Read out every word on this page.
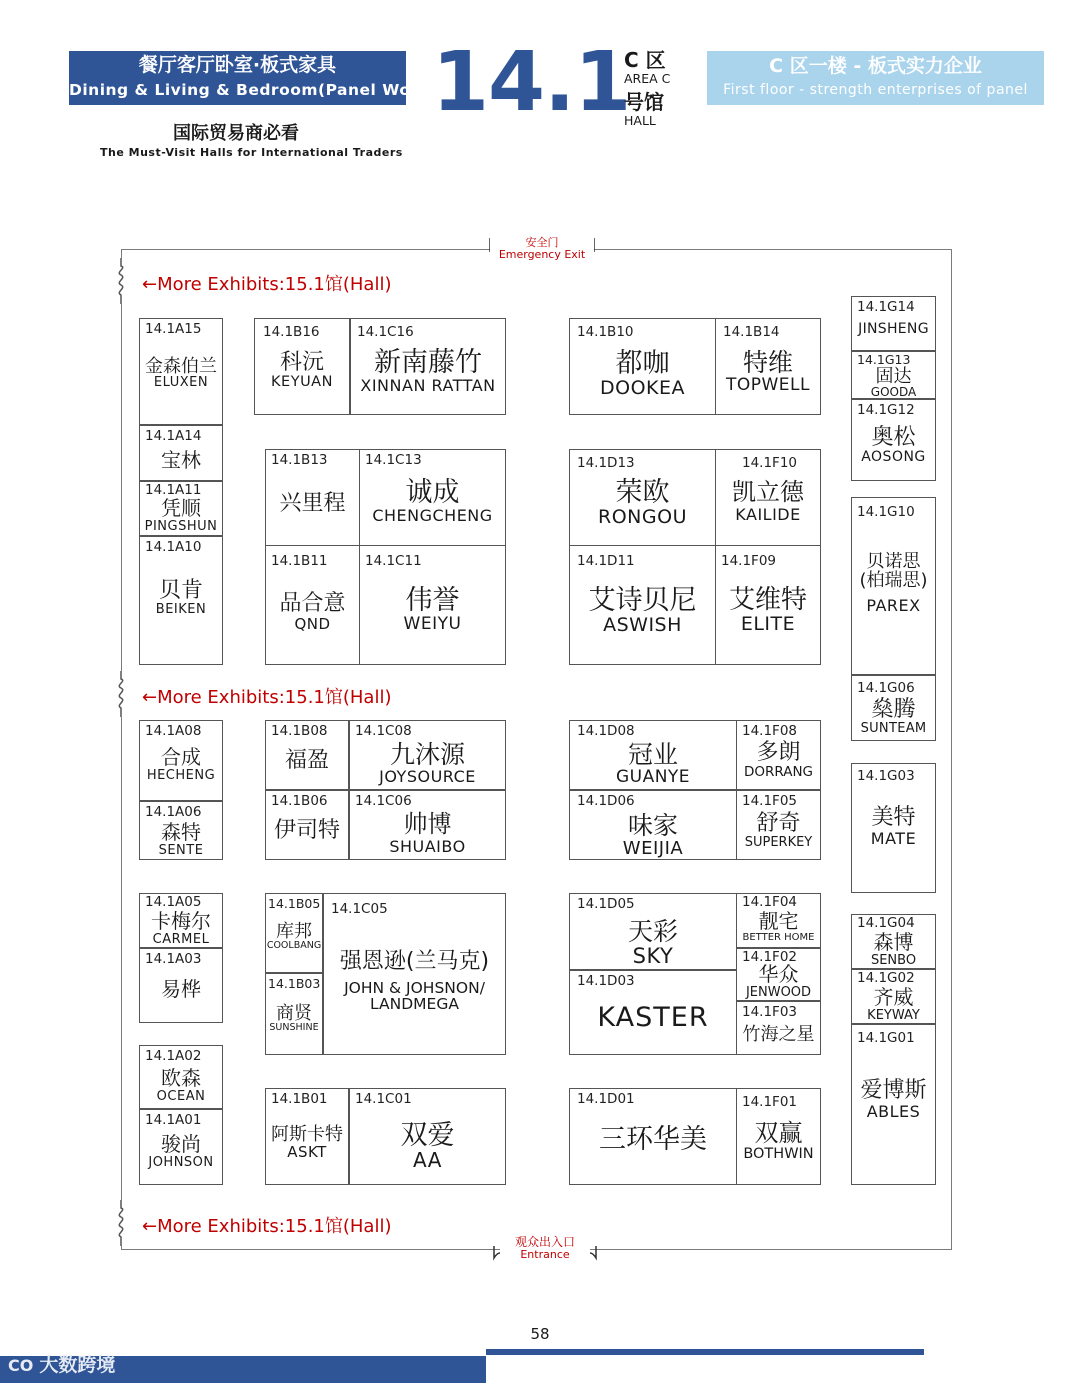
餐厅客厅卧室·板式家具
Dining & Living & Bedroom(Panel Wood)
14.1
C 区
AREA C
号馆
HALL
C 区一楼 - 板式实力企业
First floor - strength enterprises of panel
国际贸易商必看
The Must-Visit Halls for International Traders
←More Exhibits:15.1馆(Hall)
←More Exhibits:15.1馆(Hall)
←More Exhibits:15.1馆(Hall)
安全门
Emergency Exit
观众出入口
Entrance
14.1A15
金森伯兰
ELUXEN
14.1A14
宝林
14.1A11
凭顺
PINGSHUN
14.1A10
贝肯
BEIKEN
14.1A08
合成
HECHENG
14.1A06
森特
SENTE
14.1A05
卡梅尔
CARMEL
14.1A03
易桦
14.1A02
欧森
OCEAN
14.1A01
骏尚
JOHNSON
14.1B16
科沅
KEYUAN
14.1C16
新南藤竹
XINNAN RATTAN
14.1B13
兴里程
14.1C13
诚成
CHENGCHENG
14.1B11
品合意
QND
14.1C11
伟誉
WEIYU
14.1B08
福盈
14.1C08
九沐源
JOYSOURCE
14.1B06
伊司特
14.1C06
帅博
SHUAIBO
14.1B05
库邦
COOLBANG
14.1B03
商贤
SUNSHINE
14.1C05
强恩逊(兰马克)
JOHN & JOHSNON/
LANDMEGA
14.1B01
阿斯卡特
ASKT
14.1C01
双爱
AA
14.1B10
都咖
DOOKEA
14.1B14
特维
TOPWELL
14.1D13
荣欧
RONGOU
14.1F10
凯立德
KAILIDE
14.1D11
艾诗贝尼
ASWISH
14.1F09
艾维特
ELITE
14.1D08
冠业
GUANYE
14.1F08
多朗
DORRANG
14.1D06
味家
WEIJIA
14.1F05
舒奇
SUPERKEY
14.1D05
天彩
SKY
14.1D03
KASTER
14.1F04
靓宅
BETTER HOME
14.1F02
华众
JENWOOD
14.1F03
竹海之星
14.1D01
三环华美
14.1F01
双赢
BOTHWIN
14.1G14
JINSHENG
14.1G13
固达
GOODA
14.1G12
奥松
AOSONG
14.1G10
贝诺思
(柏瑞思)
PAREX
14.1G06
燊腾
SUNTEAM
14.1G03
美特
MATE
14.1G04
森博
SENBO
14.1G02
齐威
KEYWAY
14.1G01
爱博斯
ABLES
58
CO 大数跨境
